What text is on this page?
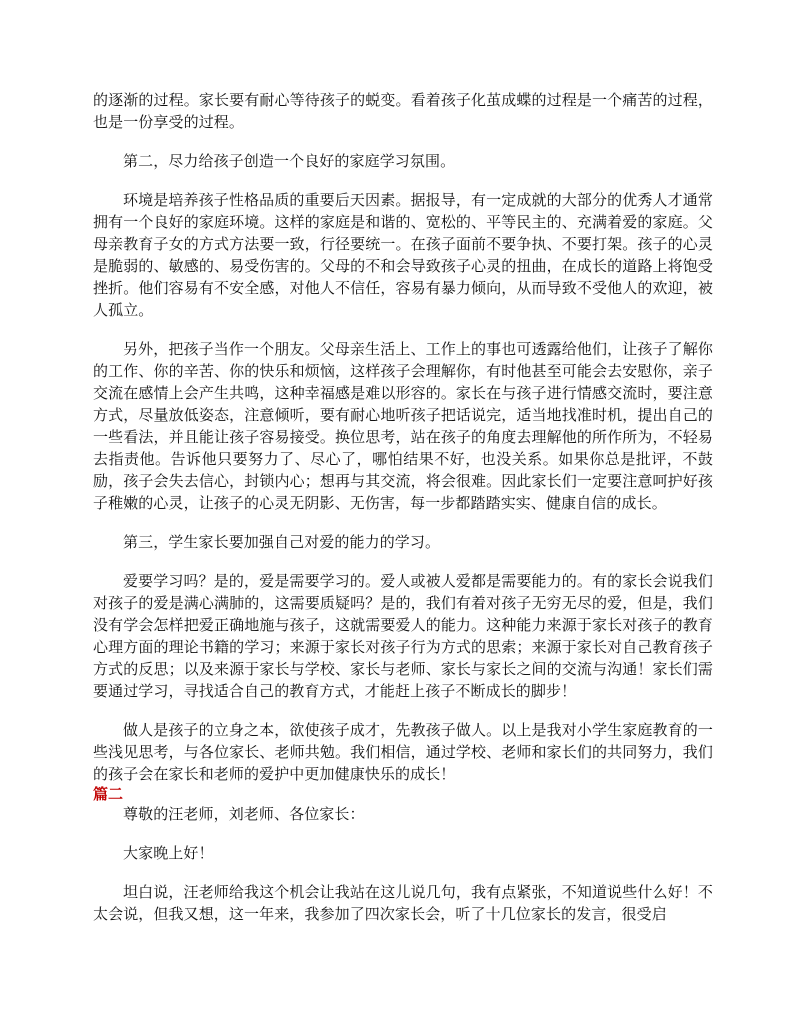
的逐渐的过程。家长要有耐心等待孩子的蜕变。看着孩子化茧成蝶的过程是一个痛苦的过程，也是一份享受的过程。

第二，尽力给孩子创造一个良好的家庭学习氛围。

环境是培养孩子性格品质的重要后天因素。据报导，有一定成就的大部分的优秀人才通常拥有一个良好的家庭环境。这样的家庭是和谐的、宽松的、平等民主的、充满着爱的家庭。父母亲教育子女的方式方法要一致，行径要统一。在孩子面前不要争执、不要打架。孩子的心灵是脆弱的、敏感的、易受伤害的。父母的不和会导致孩子心灵的扭曲，在成长的道路上将饱受挫折。他们容易有不安全感，对他人不信任，容易有暴力倾向，从而导致不受他人的欢迎，被人孤立。

另外，把孩子当作一个朋友。父母亲生活上、工作上的事也可透露给他们，让孩子了解你的工作、你的辛苦、你的快乐和烦恼，这样孩子会理解你，有时他甚至可能会去安慰你，亲子交流在感情上会产生共鸣，这种幸福感是难以形容的。家长在与孩子进行情感交流时，要注意方式，尽量放低姿态，注意倾听，要有耐心地听孩子把话说完，适当地找准时机，提出自己的一些看法，并且能让孩子容易接受。换位思考，站在孩子的角度去理解他的所作所为，不轻易去指责他。告诉他只要努力了、尽心了，哪怕结果不好，也没关系。如果你总是批评，不鼓励，孩子会失去信心，封锁内心；想再与其交流，将会很难。因此家长们一定要注意呵护好孩子稚嫩的心灵，让孩子的心灵无阴影、无伤害，每一步都踏踏实实、健康自信的成长。

第三，学生家长要加强自己对爱的能力的学习。

爱要学习吗？是的，爱是需要学习的。爱人或被人爱都是需要能力的。有的家长会说我们对孩子的爱是满心满肺的，这需要质疑吗？是的，我们有着对孩子无穷无尽的爱，但是，我们没有学会怎样把爱正确地施与孩子，这就需要爱人的能力。这种能力来源于家长对孩子的教育心理方面的理论书籍的学习；来源于家长对孩子行为方式的思索；来源于家长对自己教育孩子方式的反思；以及来源于家长与学校、家长与老师、家长与家长之间的交流与沟通！家长们需要通过学习，寻找适合自己的教育方式，才能赶上孩子不断成长的脚步！

做人是孩子的立身之本，欲使孩子成才，先教孩子做人。以上是我对小学生家庭教育的一些浅见思考，与各位家长、老师共勉。我们相信，通过学校、老师和家长们的共同努力，我们的孩子会在家长和老师的爱护中更加健康快乐的成长！

篇二

尊敬的汪老师，刘老师、各位家长：

大家晚上好！

坦白说，汪老师给我这个机会让我站在这儿说几句，我有点紧张，不知道说些什么好！不太会说，但我又想，这一年来，我参加了四次家长会，听了十几位家长的发言，很受启
